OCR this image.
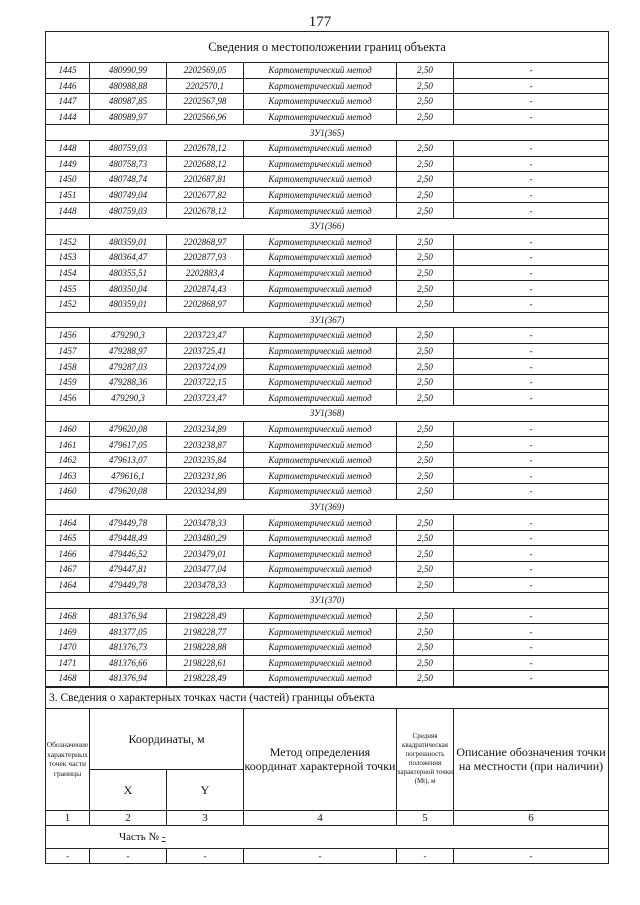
177
Сведения о местоположении границ объекта					
1445	480990,99	2202569,05	Картометрический метод	2,50	-
1446	480988,88	2202570,1	Картометрический метод	2,50	-
1447	480987,85	2202567,98	Картометрический метод	2,50	-
1444	480989,97	2202566,96	Картометрический метод	2,50	-
ЗУ1(365)					
1448	480759,03	2202678,12	Картометрический метод	2,50	-
1449	480758,73	2202688,12	Картометрический метод	2,50	-
1450	480748,74	2202687,81	Картометрический метод	2,50	-
1451	480749,04	2202677,82	Картометрический метод	2,50	-
1448	480759,03	2202678,12	Картометрический метод	2,50	-
ЗУ1(366)					
1452	480359,01	2202868,97	Картометрический метод	2,50	-
1453	480364,47	2202877,93	Картометрический метод	2,50	-
1454	480355,51	2202883,4	Картометрический метод	2,50	-
1455	480350,04	2202874,43	Картометрический метод	2,50	-
1452	480359,01	2202868,97	Картометрический метод	2,50	-
ЗУ1(367)					
1456	479290,3	2203723,47	Картометрический метод	2,50	-
1457	479288,97	2203725,41	Картометрический метод	2,50	-
1458	479287,03	2203724,09	Картометрический метод	2,50	-
1459	479288,36	2203722,15	Картометрический метод	2,50	-
1456	479290,3	2203723,47	Картометрический метод	2,50	-
ЗУ1(368)					
1460	479620,08	2203234,89	Картометрический метод	2,50	-
1461	479617,05	2203238,87	Картометрический метод	2,50	-
1462	479613,07	2203235,84	Картометрический метод	2,50	-
1463	479616,1	2203231,86	Картометрический метод	2,50	-
1460	479620,08	2203234,89	Картометрический метод	2,50	-
ЗУ1(369)					
1464	479449,78	2203478,33	Картометрический метод	2,50	-
1465	479448,49	2203480,29	Картометрический метод	2,50	-
1466	479446,52	2203479,01	Картометрический метод	2,50	-
1467	479447,81	2203477,04	Картометрический метод	2,50	-
1464	479449,78	2203478,33	Картометрический метод	2,50	-
ЗУ1(370)					
1468	481376,94	2198228,49	Картометрический метод	2,50	-
1469	481377,05	2198228,77	Картометрический метод	2,50	-
1470	481376,73	2198228,88	Картометрический метод	2,50	-
1471	481376,66	2198228,61	Картометрический метод	2,50	-
1468	481376,94	2198228,49	Картометрический метод	2,50	-
3. Сведения о характерных точках части (частей) границы объекта					

Обозначение характерных точек части границы	Координаты, м		Метод определения координат характерной точки	Средняя квадратическая погрешность положения характерной точки (Mt), м	Описание обозначения точки на местности (при наличии)

	X	Y			
1	2	3	4	5	6
Часть № -					
-	-	-	-	-	-
